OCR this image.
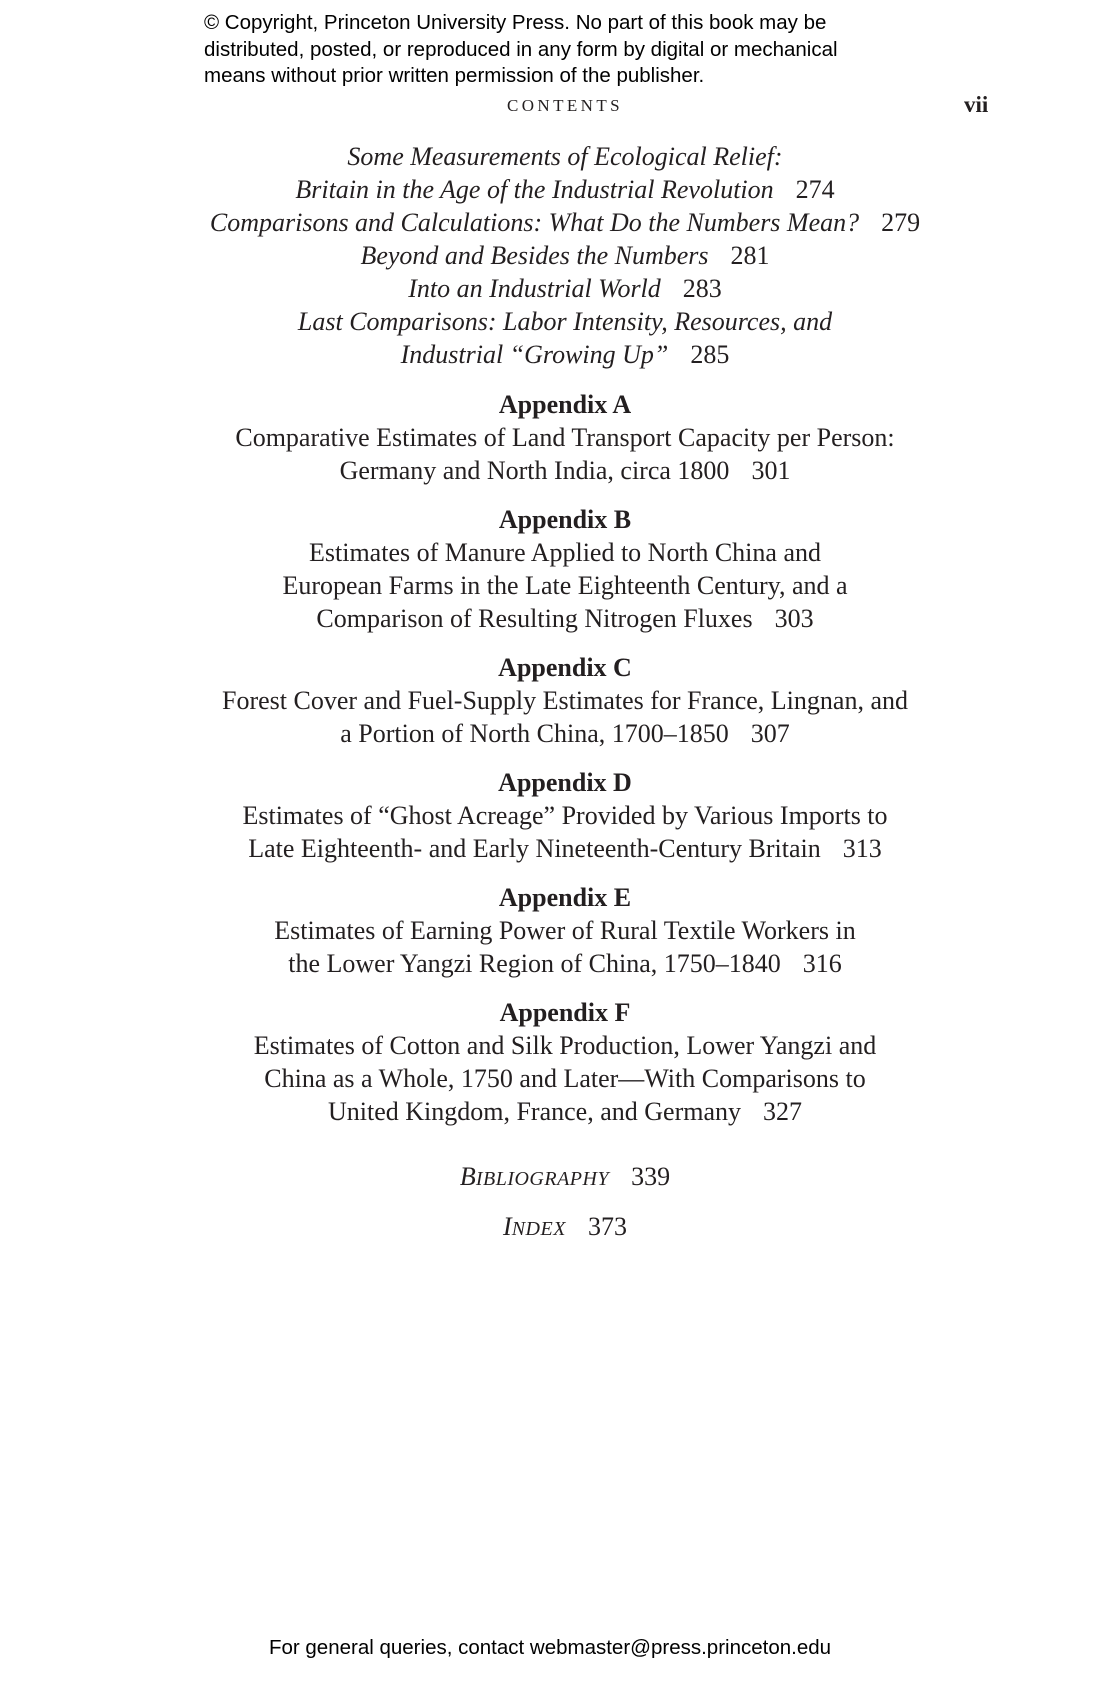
© Copyright, Princeton University Press. No part of this book may be
distributed, posted, or reproduced in any form by digital or mechanical
means without prior written permission of the publisher.
CONTENTS	vii
Some Measurements of Ecological Relief:
Britain in the Age of the Industrial Revolution 274
Comparisons and Calculations: What Do the Numbers Mean? 279
Beyond and Besides the Numbers 281
Into an Industrial World 283
Last Comparisons: Labor Intensity, Resources, and
Industrial “Growing Up” 285
Appendix A
Comparative Estimates of Land Transport Capacity per Person:
Germany and North India, circa 1800 301
Appendix B
Estimates of Manure Applied to North China and
European Farms in the Late Eighteenth Century, and a
Comparison of Resulting Nitrogen Fluxes 303
Appendix C
Forest Cover and Fuel-Supply Estimates for France, Lingnan, and
a Portion of North China, 1700–1850 307
Appendix D
Estimates of “Ghost Acreage” Provided by Various Imports to
Late Eighteenth- and Early Nineteenth-Century Britain 313
Appendix E
Estimates of Earning Power of Rural Textile Workers in
the Lower Yangzi Region of China, 1750–1840 316
Appendix F
Estimates of Cotton and Silk Production, Lower Yangzi and
China as a Whole, 1750 and Later—With Comparisons to
United Kingdom, France, and Germany 327
BIBLIOGRAPHY 339
INDEX 373
For general queries, contact webmaster@press.princeton.edu
